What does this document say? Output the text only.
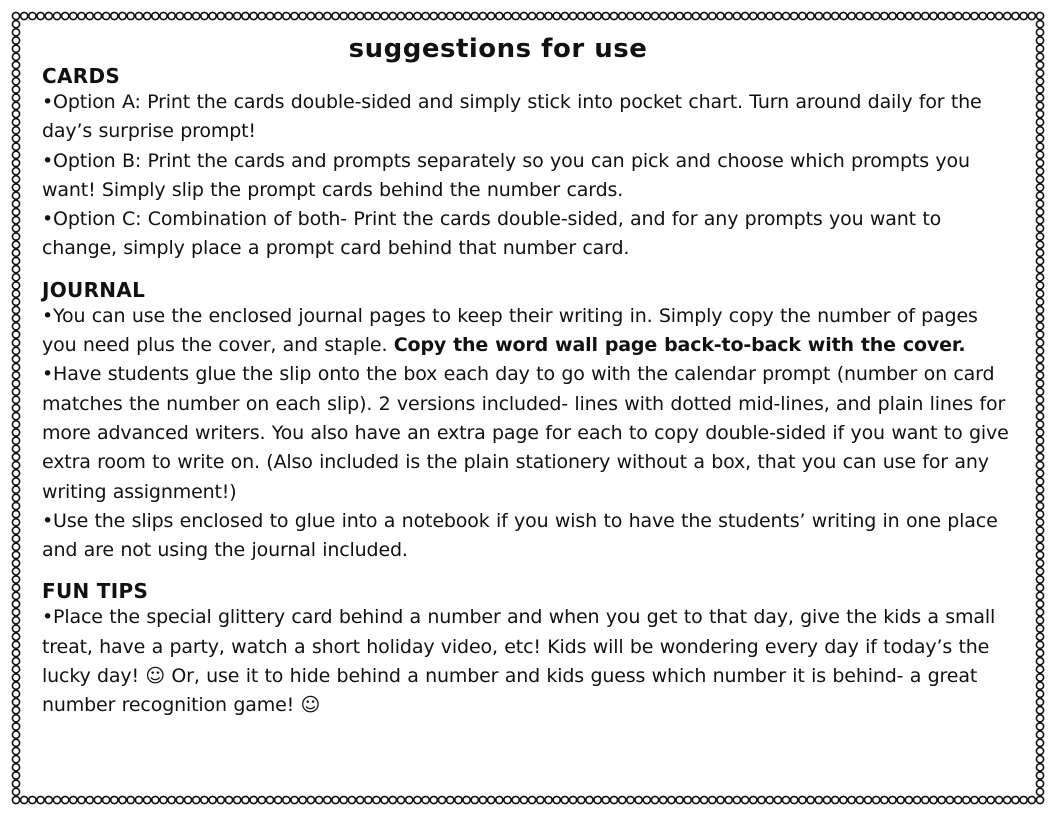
suggestions for use
CARDS

•Option A: Print the cards double-sided and simply stick into pocket chart. Turn around daily for the day’s surprise prompt!

•Option B: Print the cards and prompts separately so you can pick and choose which prompts you want! Simply slip the prompt cards behind the number cards.

•Option C: Combination of both- Print the cards double-sided, and for any prompts you want to change, simply place a prompt card behind that number card.

JOURNAL

•You can use the enclosed journal pages to keep their writing in. Simply copy the number of pages you need plus the cover, and staple. Copy the word wall page back-to-back with the cover.

•Have students glue the slip onto the box each day to go with the calendar prompt (number on card matches the number on each slip). 2 versions included- lines with dotted mid-lines, and plain lines for more advanced writers. You also have an extra page for each to copy double-sided if you want to give extra room to write on. (Also included is the plain stationery without a box, that you can use for any writing assignment!)

•Use the slips enclosed to glue into a notebook if you wish to have the students’ writing in one place and are not using the journal included.

FUN TIPS

•Place the special glittery card behind a number and when you get to that day, give the kids a small treat, have a party, watch a short holiday video, etc! Kids will be wondering every day if today’s the lucky day! ☺ Or, use it to hide behind a number and kids guess which number it is behind- a great number recognition game! ☺
